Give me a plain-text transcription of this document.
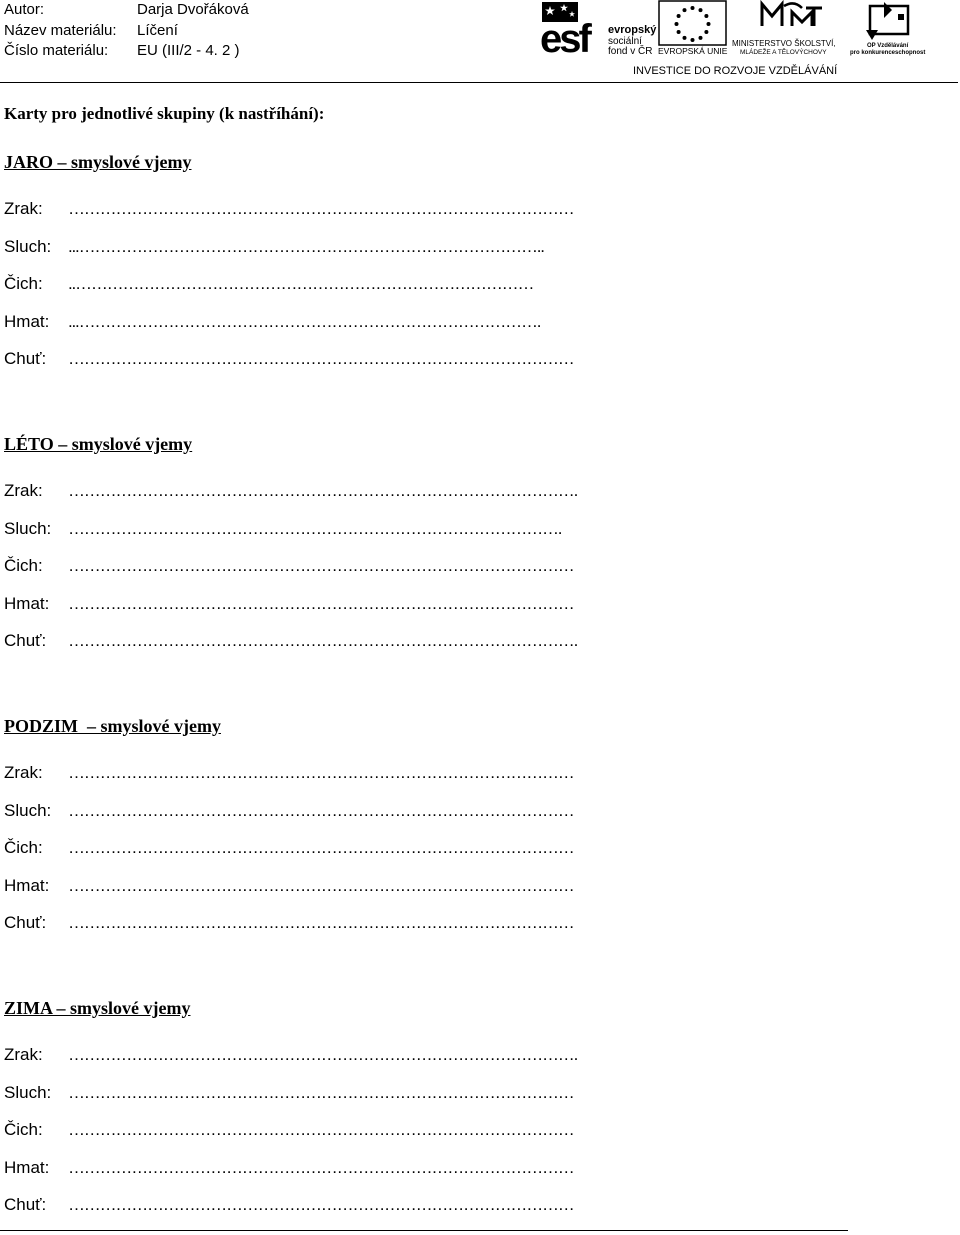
Autor:	Darja Dvořáková
Název materiálu:	Líčení
Číslo materiálu:	EU (III/2 - 4. 2 )	esf	evropský
sociální
fond v ČR EVROPSKÁ UNIE
MINISTERSTVO ŠKOLSTVÍ,
MLÁDEŽE A TĚLOVÝCHOVY
OP Vzdělávání
pro konkurenceschopnost
INVESTICE DO ROZVOJE VZDĚLÁVÁNÍ
Karty pro jednotlivé skupiny (k nastříhání):
JARO – smyslové vjemy
Zrak:	……………………………………………………………………………………
Sluch: ...……………………………………………………………………………..
Čich:	..……………………………………………………………………………
Hmat:	...…………………………………………………………………………….
Chuť:	……………………………………………………………………………………
LÉTO – smyslové vjemy
Zrak:	…………………………………………………………………………………….
Sluch: ………………………………………………………………………………….
Čich:	……………………………………………………………………………………
Hmat:	……………………………………………………………………………………
Chuť:	…………………………………………………………………………………….
PODZIM  – smyslové vjemy
Zrak:	……………………………………………………………………………………
Sluch: ……………………………………………………………………………………
Čich:	……………………………………………………………………………………
Hmat:	……………………………………………………………………………………
Chuť:	……………………………………………………………………………………
ZIMA – smyslové vjemy
Zrak:	…………………………………………………………………………………….
Sluch: ……………………………………………………………………………………
Čich:	……………………………………………………………………………………
Hmat:	……………………………………………………………………………………
Chuť:	……………………………………………………………………………………
